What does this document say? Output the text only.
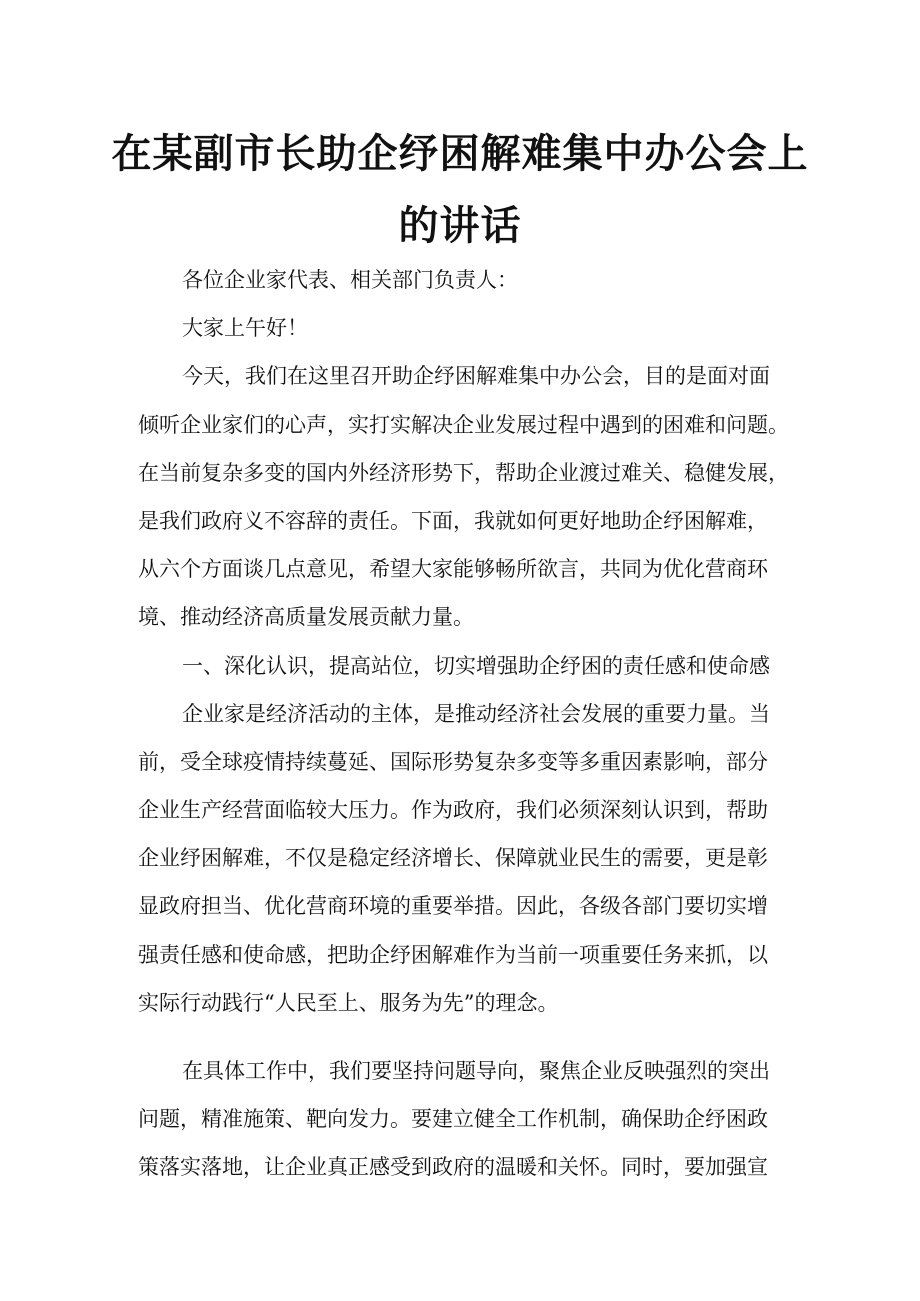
在某副市长助企纾困解难集中办公会上
的讲话
各位企业家代表、相关部门负责人：
大家上午好！
今天，我们在这里召开助企纾困解难集中办公会，目的是面对面
倾听企业家们的心声，实打实解决企业发展过程中遇到的困难和问题。
在当前复杂多变的国内外经济形势下，帮助企业渡过难关、稳健发展，
是我们政府义不容辞的责任。下面，我就如何更好地助企纾困解难，
从六个方面谈几点意见，希望大家能够畅所欲言，共同为优化营商环
境、推动经济高质量发展贡献力量。
一、深化认识，提高站位，切实增强助企纾困的责任感和使命感
企业家是经济活动的主体，是推动经济社会发展的重要力量。当
前，受全球疫情持续蔓延、国际形势复杂多变等多重因素影响，部分
企业生产经营面临较大压力。作为政府，我们必须深刻认识到，帮助
企业纾困解难，不仅是稳定经济增长、保障就业民生的需要，更是彰
显政府担当、优化营商环境的重要举措。因此，各级各部门要切实增
强责任感和使命感，把助企纾困解难作为当前一项重要任务来抓，以
实际行动践行“人民至上、服务为先”的理念。
在具体工作中，我们要坚持问题导向，聚焦企业反映强烈的突出
问题，精准施策、靶向发力。要建立健全工作机制，确保助企纾困政
策落实落地，让企业真正感受到政府的温暖和关怀。同时，要加强宣
